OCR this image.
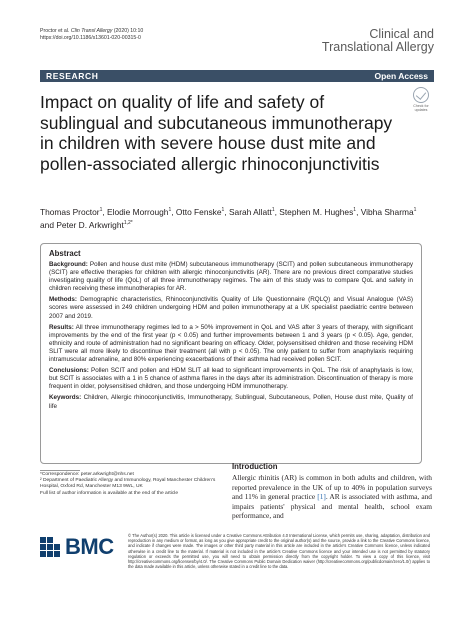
Proctor et al. Clin Transl Allergy (2020) 10:10
https://doi.org/10.1186/s13601-020-00315-0	Clinical and
Translational Allergy
RESEARCH	Open Access
Check for updates
Impact on quality of life and safety of sublingual and subcutaneous immunotherapy in children with severe house dust mite and pollen-associated allergic rhinoconjunctivitis
Thomas Proctor$^1$, Elodie Morrough$^1$, Otto Fenske$^1$, Sarah Allatt$^1$, Stephen M. Hughes$^1$, Vibha Sharma$^1$ and Peter D. Arkwright$^{1,2*}$
Abstract

Background: Pollen and house dust mite (HDM) subcutaneous immunotherapy (SCIT) and pollen subcutaneous immunotherapy (SCIT) are effective therapies for children with allergic rhinoconjunctivitis (AR). There are no previous direct comparative studies investigating quality of life (QoL) of all three immunotherapy regimes. The aim of this study was to compare QoL and safety in children receiving these immunotherapies for AR.

Methods: Demographic characteristics, Rhinoconjunctivitis Quality of Life Questionnaire (RQLQ) and Visual Analogue (VAS) scores were assessed in 249 children undergoing HDM and pollen immunotherapy at a UK specialist paediatric centre between 2007 and 2019.

Results: All three immunotherapy regimes led to a > 50% improvement in QoL and VAS after 3 years of therapy, with significant improvements by the end of the first year (p < 0.05) and further improvements between 1 and 3 years (p < 0.05). Age, gender, ethnicity and route of administration had no significant bearing on efficacy. Older, polysensitised children and those receiving HDM SLIT were all more likely to discontinue their treatment (all with p < 0.05). The only patient to suffer from anaphylaxis requiring intramuscular adrenaline, and 80% experiencing exacerbations of their asthma had received pollen SCIT.

Conclusions: Pollen SCIT and pollen and HDM SLIT all lead to significant improvements in QoL. The risk of anaphylaxis is low, but SCIT is associates with a 1 in 5 chance of asthma flares in the days after its administration. Discontinuation of therapy is more frequent in older, polysensitised children, and those undergoing HDM immunotherapy.

Keywords: Children, Allergic rhinoconjunctivitis, Immunotherapy, Sublingual, Subcutaneous, Pollen, House dust mite, Quality of life

Introduction
Allergic rhinitis (AR) is common in both adults and children, with reported prevalence in the UK of up to 40% in population surveys and 11% in general practice [1]. AR is associated with asthma, and impairs patients' physical and mental health, school exam performance, and
*Correspondence: peter.arkwright@nhs.net
² Department of Paediatric Allergy and Immunology, Royal Manchester Children's Hospital, Oxford Rd, Manchester M13 9WL, UK
Full list of author information is available at the end of the article
BMC	© The Author(s) 2020. This article is licensed under a Creative Commons Attribution 4.0 International License, which permits use, sharing, adaptation, distribution and reproduction in any medium or format, as long as you give appropriate credit to the original author(s) and the source, provide a link to the Creative Commons licence, and indicate if changes were made. The images or other third party material in this article are included in the article's Creative Commons licence, unless indicated otherwise in a credit line to the material. If material is not included in the article's Creative Commons licence and your intended use is not permitted by statutory regulation or exceeds the permitted use, you will need to obtain permission directly from the copyright holder. To view a copy of this licence, visit http://creativecommons.org/licenses/by/4.0/. The Creative Commons Public Domain Dedication waiver (http://creativecommons.org/publicdomain/zero/1.0/) applies to the data made available in this article, unless otherwise stated in a credit line to the data.
